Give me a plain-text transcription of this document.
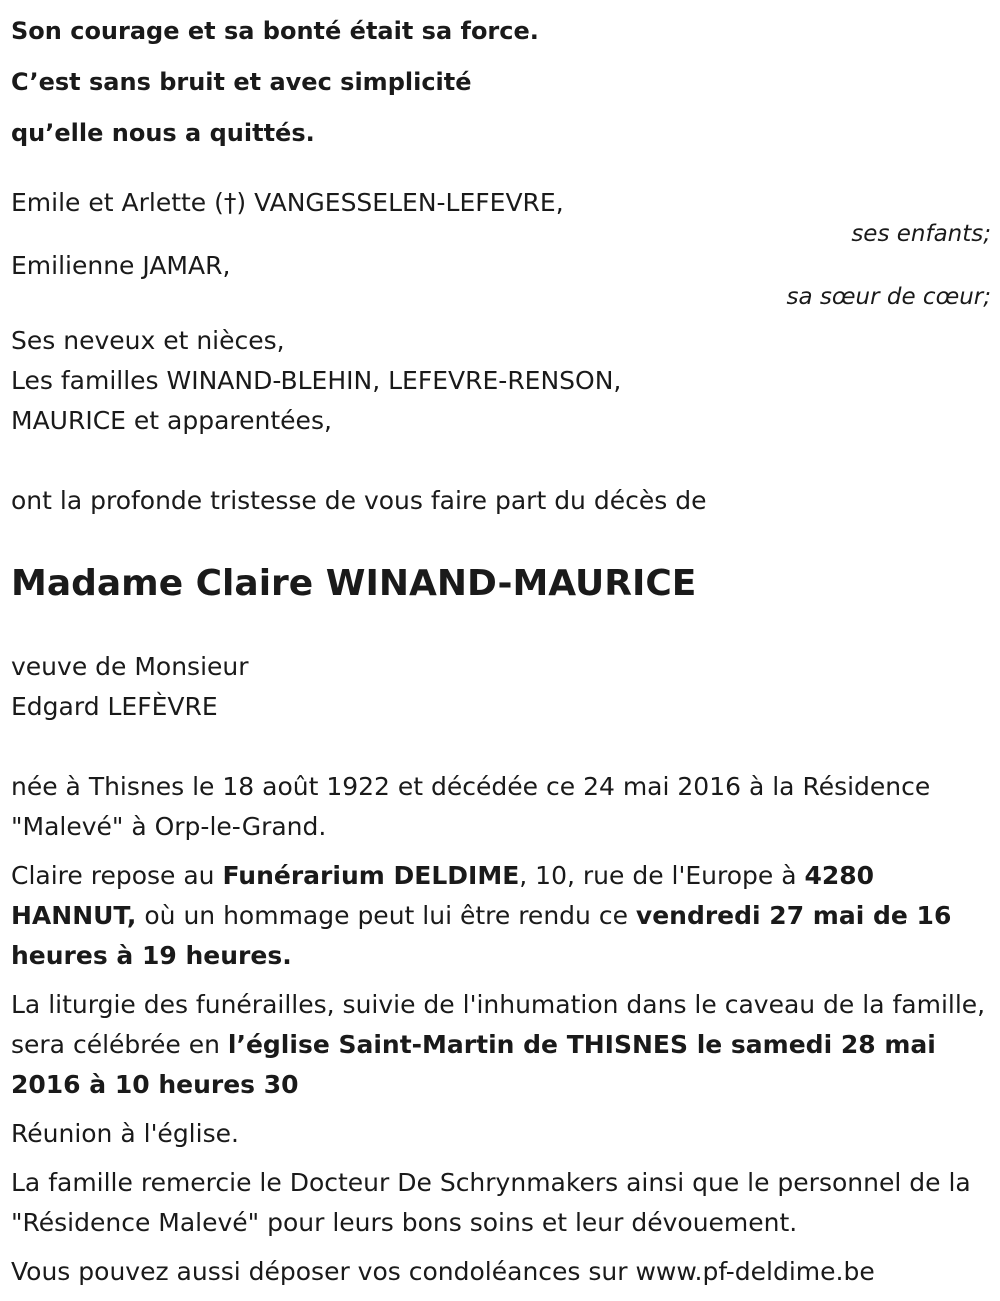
Son courage et sa bonté était sa force.

C’est sans bruit et avec simplicité

qu’elle nous a quittés.

Emile et Arlette (†) VANGESSELEN-LEFEVRE,
ses enfants;
Emilienne JAMAR,
sa sœur de cœur;

Ses neveux et nièces,

Les familles WINAND-BLEHIN, LEFEVRE-RENSON,

MAURICE et apparentées,

ont la profonde tristesse de vous faire part du décès de

Madame Claire WINAND-MAURICE

veuve de Monsieur

Edgard LEFÈVRE

née à Thisnes le 18 août 1922 et décédée ce 24 mai 2016 à la Résidence
"Malevé" à Orp-le-Grand.

Claire repose au Funérarium DELDIME, 10, rue de l'Europe à 4280 HANNUT, où un hommage peut lui être rendu ce vendredi 27 mai de 16 heures à 19 heures.

La liturgie des funérailles, suivie de l'inhumation dans le caveau de la famille, sera célébrée en l’église Saint-Martin de THISNES le samedi 28 mai 2016 à 10 heures 30

Réunion à l'église.

La famille remercie le Docteur De Schrynmakers ainsi que le personnel de la "Résidence Malevé" pour leurs bons soins et leur dévouement.

Vous pouvez aussi déposer vos condoléances sur www.pf-deldime.be
